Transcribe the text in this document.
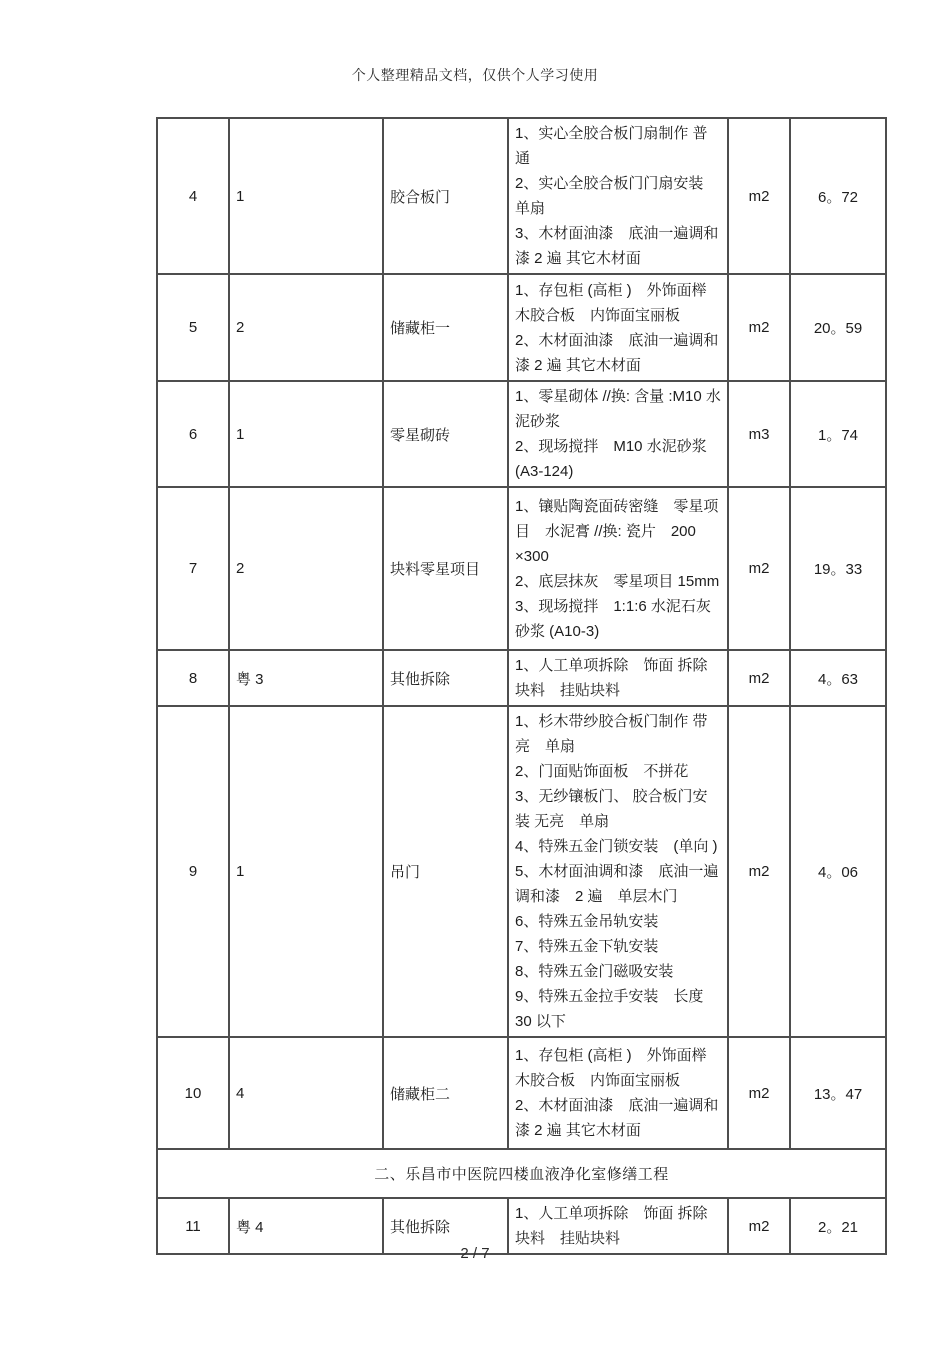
个人整理精品文档，仅供个人学习使用
4	1	胶合板门	1、实心全胶合板门扇制作 普通

2、实心全胶合板门门扇安装 单扇

3、木材面油漆　底油一遍调和漆 2 遍 其它木材面	m2	6。72
5	2	储藏柜一	1、存包柜 (高柜 )　外饰面榉木胶合板　内饰面宝丽板

2、木材面油漆　底油一遍调和漆 2 遍 其它木材面	m2	20。59
6	1	零星砌砖	1、零星砌体 //换: 含量 :M10 水泥砂浆

2、现场搅拌　M10 水泥砂浆 (A3-124)	m3	1。74
7	2	块料零星项目	1、镶贴陶瓷面砖密缝　零星项目　水泥膏 //换: 瓷片　200 ×300

2、底层抹灰　零星项目 15mm

3、现场搅拌　1:1:6 水泥石灰砂浆 (A10-3)	m2	19。33
8	粤 3	其他拆除	1、人工单项拆除　饰面 拆除块料　挂贴块料	m2	4。63
9	1	吊门	

1、杉木带纱胶合板门制作 带亮　单扇

2、门面贴饰面板　不拼花

3、无纱镶板门、 胶合板门安装 无亮　单扇

4、特殊五金门锁安装　(单向 )

5、木材面油调和漆　底油一遍调和漆　2 遍　单层木门

6、特殊五金吊轨安装

7、特殊五金下轨安装

8、特殊五金门磁吸安装

9、特殊五金拉手安装　长度 30 以下

	m2	4。06
10	4	储藏柜二	1、存包柜 (高柜 )　外饰面榉木胶合板　内饰面宝丽板

2、木材面油漆　底油一遍调和漆 2 遍 其它木材面	m2	13。47
二、乐昌市中医院四楼血液净化室修缮工程					
11	粤 4	其他拆除	1、人工单项拆除　饰面 拆除块料　挂贴块料	m2	2。21
2 / 7
